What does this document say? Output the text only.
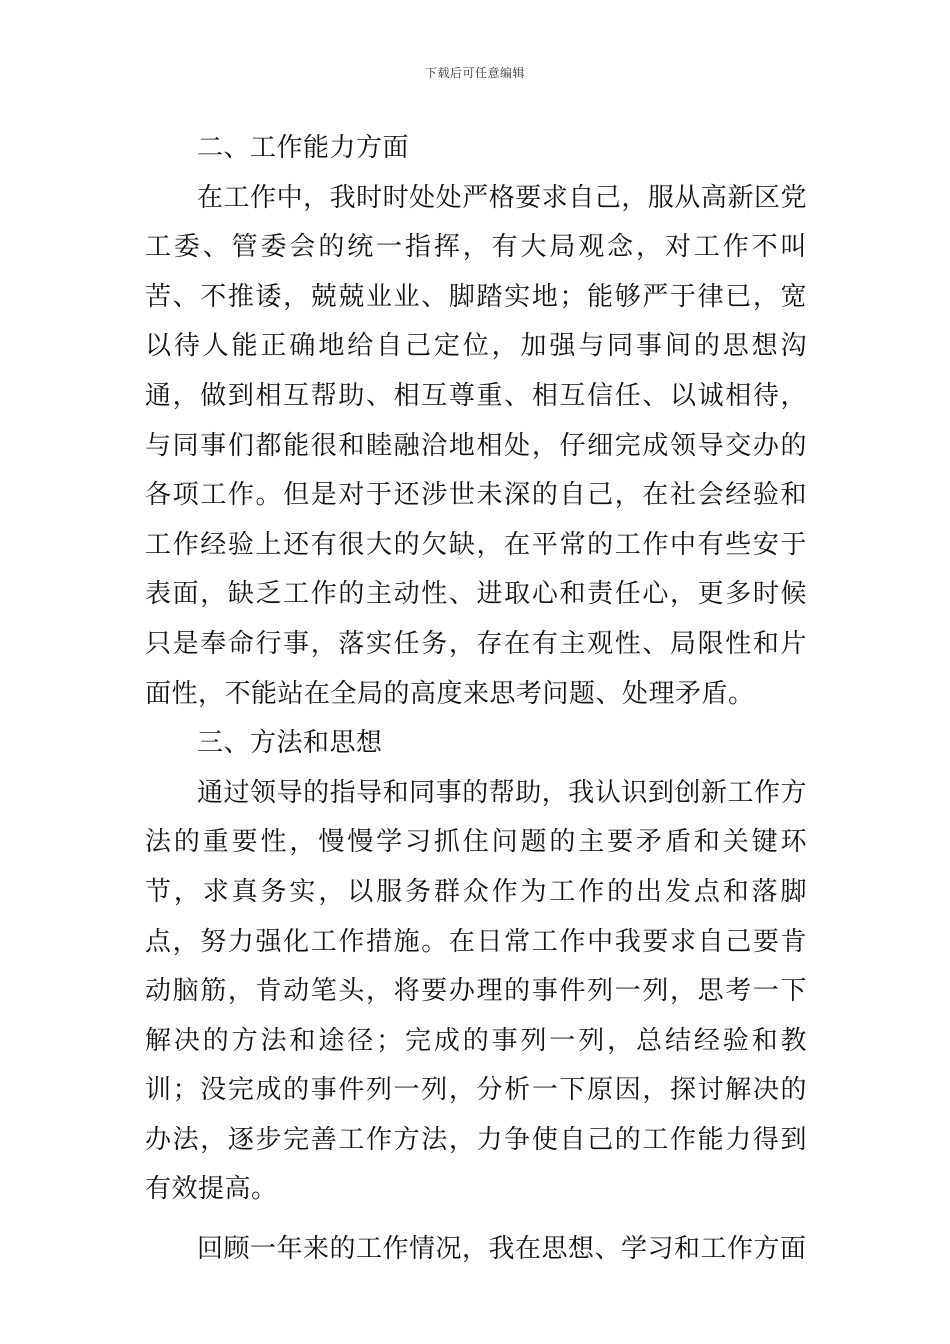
下载后可任意编辑

二、工作能力方面

在工作中，我时时处处严格要求自己，服从高新区党工委、管委会的统一指挥，有大局观念，对工作不叫苦、不推诿，兢兢业业、脚踏实地；能够严于律已，宽以待人能正确地给自己定位，加强与同事间的思想沟通，做到相互帮助、相互尊重、相互信任、以诚相待，与同事们都能很和睦融洽地相处，仔细完成领导交办的各项工作。但是对于还涉世未深的自己，在社会经验和工作经验上还有很大的欠缺，在平常的工作中有些安于表面，缺乏工作的主动性、进取心和责任心，更多时候只是奉命行事，落实任务，存在有主观性、局限性和片面性，不能站在全局的高度来思考问题、处理矛盾。

三、方法和思想

通过领导的指导和同事的帮助，我认识到创新工作方法的重要性，慢慢学习抓住问题的主要矛盾和关键环节，求真务实，以服务群众作为工作的出发点和落脚点，努力强化工作措施。在日常工作中我要求自己要肯动脑筋，肯动笔头，将要办理的事件列一列，思考一下解决的方法和途径；完成的事列一列，总结经验和教训；没完成的事件列一列，分析一下原因，探讨解决的办法，逐步完善工作方法，力争使自己的工作能力得到有效提高。

回顾一年来的工作情况，我在思想、学习和工作方面
